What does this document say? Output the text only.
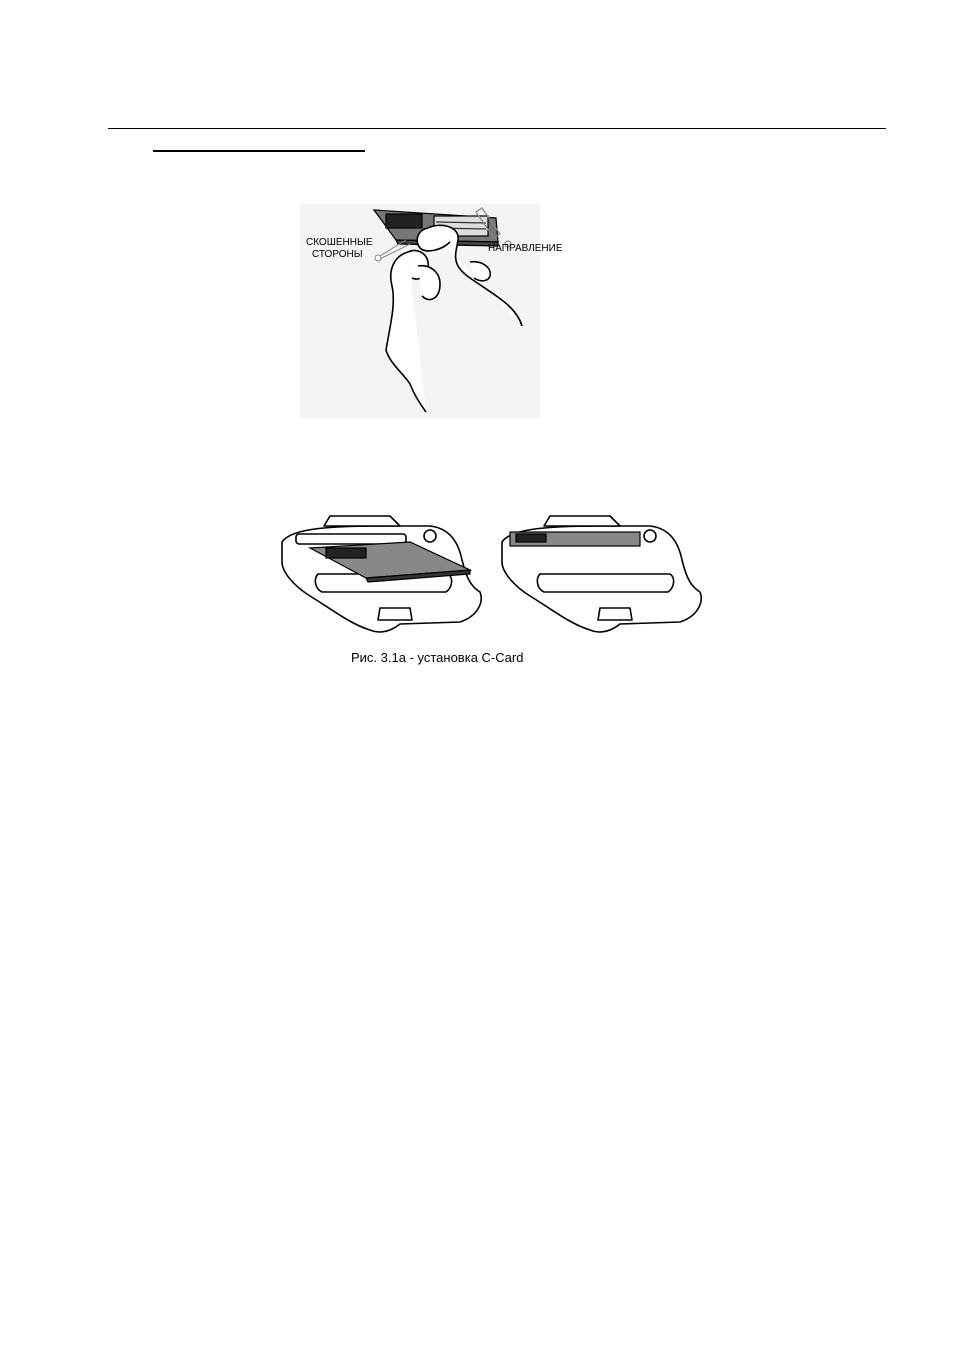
СКОШЕННЫЕ
СТОРОНЫ
НАПРАВЛЕНИЕ
Рис. 3.1а - установка C-Card
